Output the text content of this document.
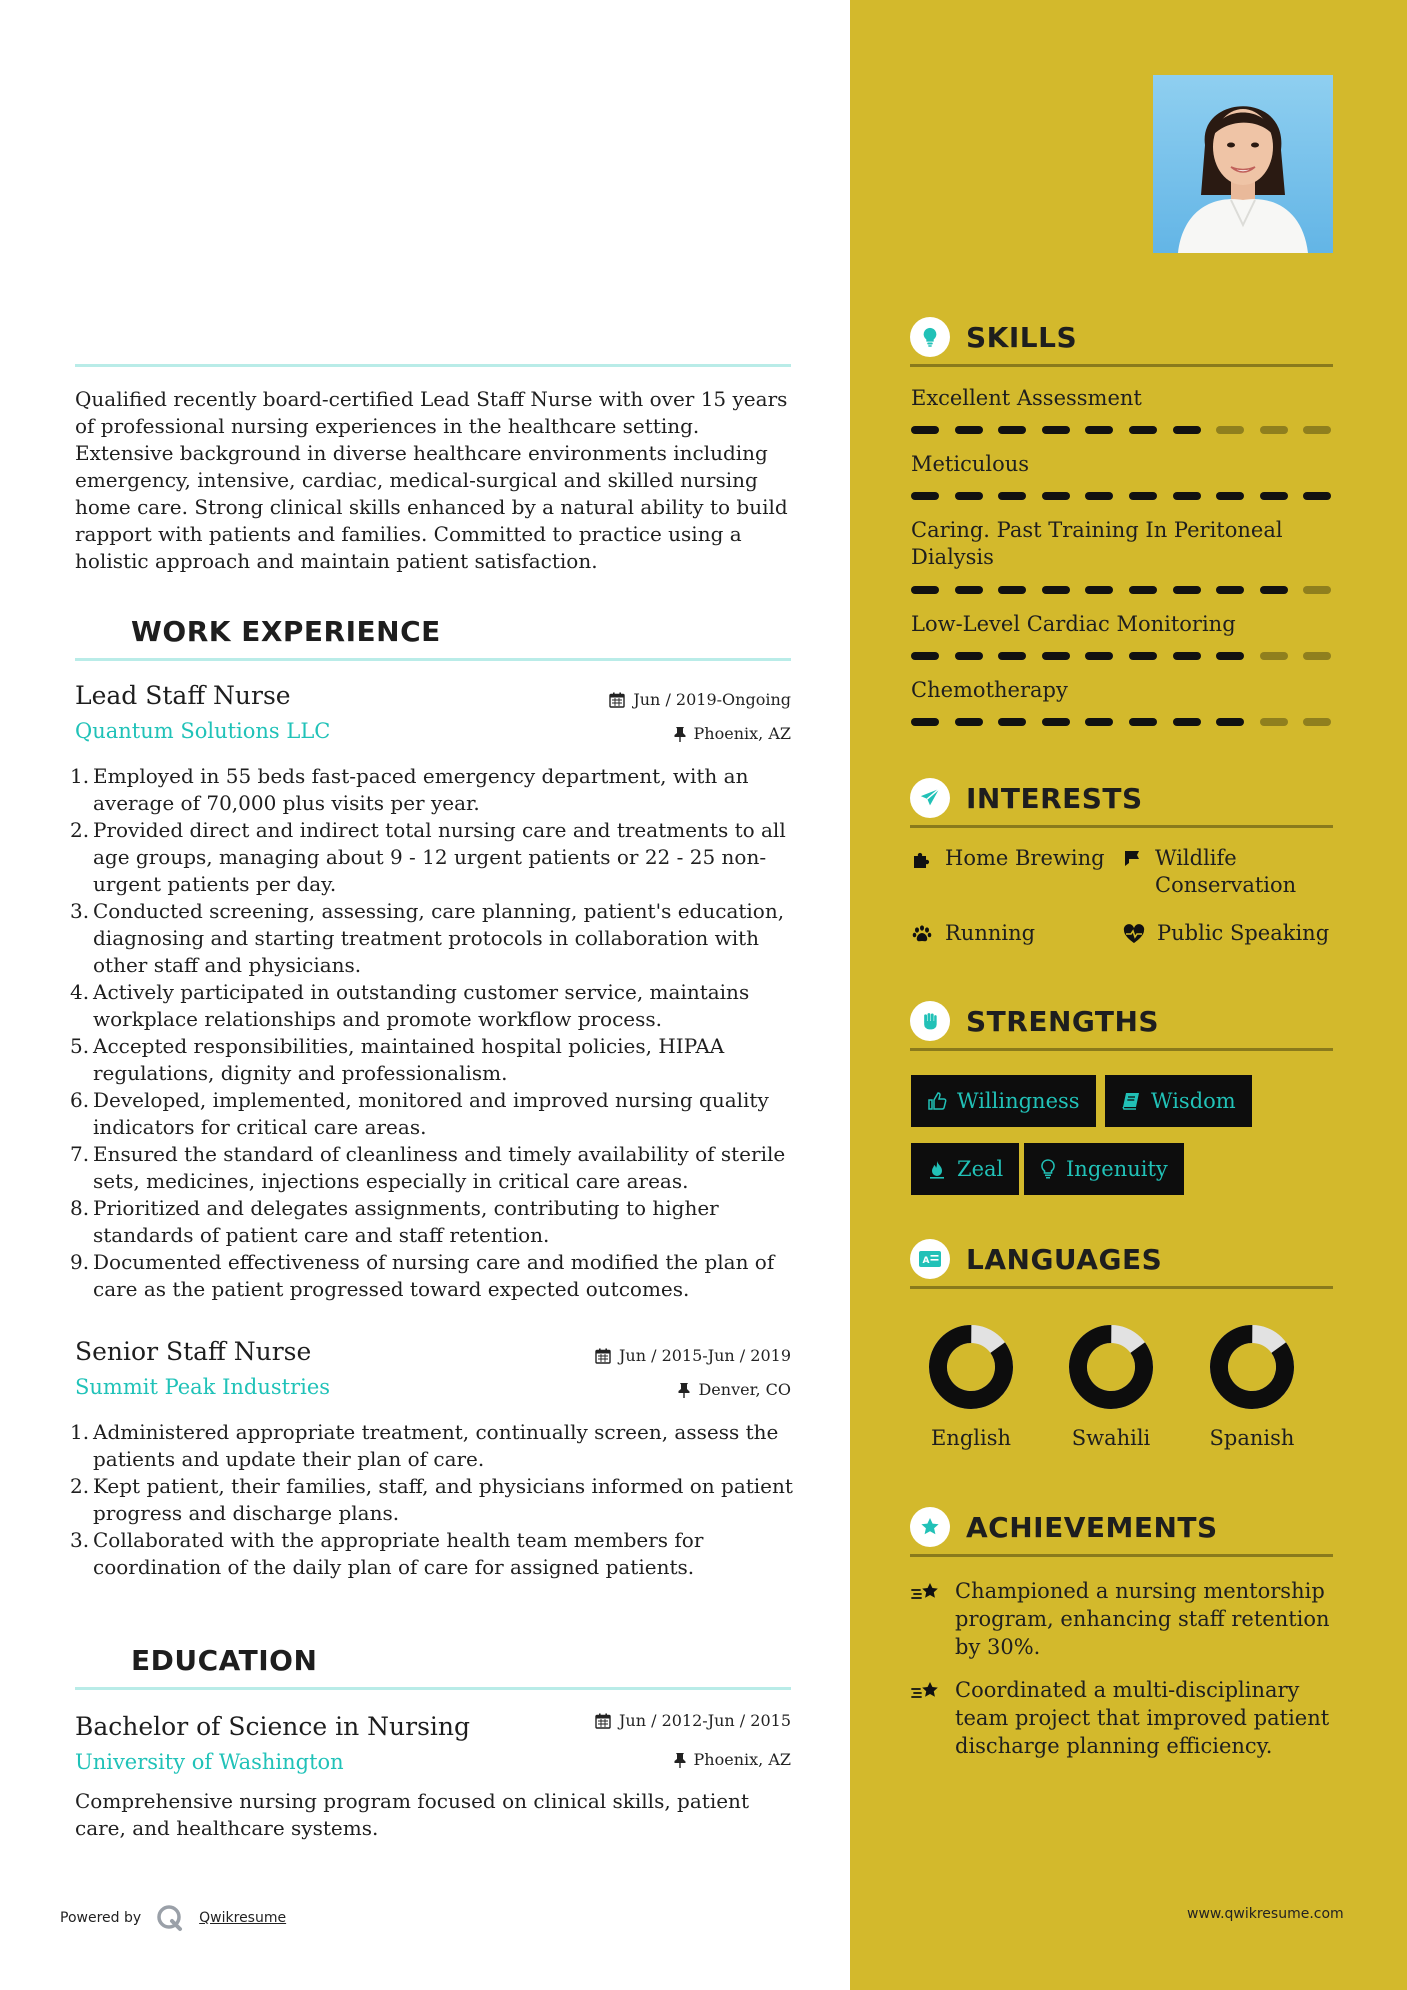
SKILLS
INTERESTS
STRENGTHS
A LANGUAGES
ACHIEVEMENTS
Qualified recently board-certified Lead Staff Nurse with over 15 years of professional nursing experiences in the healthcare setting. Extensive background in diverse healthcare environments including emergency, intensive, cardiac, medical-surgical and skilled nursing home care. Strong clinical skills enhanced by a natural ability to build rapport with patients and families. Committed to practice using a holistic approach and maintain patient satisfaction.
WORK EXPERIENCE
Lead Staff Nurse	Jun / 2019-Ongoing
Quantum Solutions LLC	Phoenix, AZ
1. Employed in 55 beds fast-paced emergency department, with an average of 70,000 plus visits per year.
2. Provided direct and indirect total nursing care and treatments to all age groups, managing about 9 - 12 urgent patients or 22 - 25 non-urgent patients per day.
3. Conducted screening, assessing, care planning, patient's education, diagnosing and starting treatment protocols in collaboration with other staff and physicians.
4. Actively participated in outstanding customer service, maintains workplace relationships and promote workflow process.
5. Accepted responsibilities, maintained hospital policies, HIPAA regulations, dignity and professionalism.
6. Developed, implemented, monitored and improved nursing quality indicators for critical care areas.
7. Ensured the standard of cleanliness and timely availability of sterile sets, medicines, injections especially in critical care areas.
8. Prioritized and delegates assignments, contributing to higher standards of patient care and staff retention.
9. Documented effectiveness of nursing care and modified the plan of care as the patient progressed toward expected outcomes.
Senior Staff Nurse	Jun / 2015-Jun / 2019
Summit Peak Industries	Denver, CO
1. Administered appropriate treatment, continually screen, assess the patients and update their plan of care.
2. Kept patient, their families, staff, and physicians informed on patient progress and discharge plans.
3. Collaborated with the appropriate health team members for coordination of the daily plan of care for assigned patients.
EDUCATION
Bachelor of Science in Nursing	Jun / 2012-Jun / 2015
University of Washington	Phoenix, AZ
Comprehensive nursing program focused on clinical skills, patient care, and healthcare systems.
Excellent Assessment
Meticulous
Caring. Past Training In Peritoneal Dialysis
Low-Level Cardiac Monitoring
Chemotherapy
Home Brewing Wildlife Conservation
Running	Public Speaking
Willingness	Wisdom
Zeal	Ingenuity
English	Swahili	Spanish
Championed a nursing mentorship program, enhancing staff retention by 30%.
Coordinated a multi-disciplinary team project that improved patient discharge planning efficiency.
Powered by	Qwikresume	www.qwikresume.com
